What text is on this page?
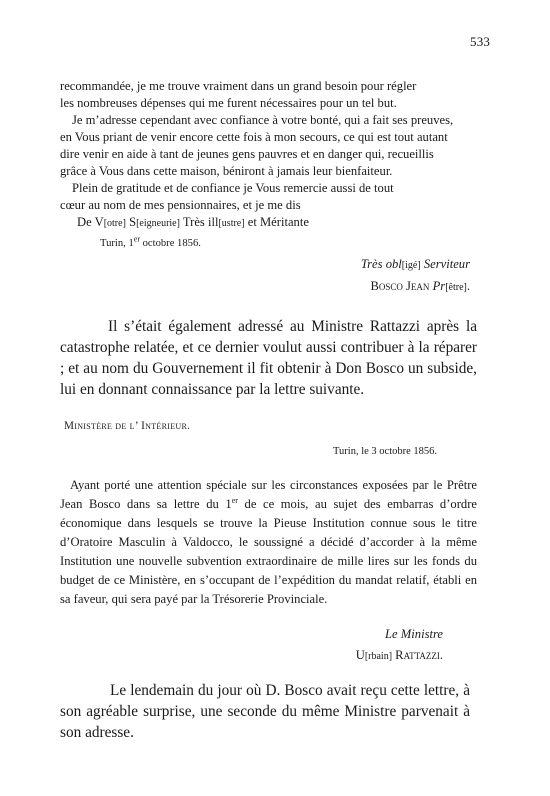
533

recommandée, je me trouve vraiment dans un grand besoin pour régler

les nombreuses dépenses qui me furent nécessaires pour un tel but.

Je m’adresse cependant avec confiance à votre bonté, qui a fait ses preuves,

en Vous priant de venir encore cette fois à mon secours, ce qui est tout autant

dire venir en aide à tant de jeunes gens pauvres et en danger qui, recueillis

grâce à Vous dans cette maison, béniront à jamais leur bienfaiteur.

Plein de gratitude et de confiance je Vous remercie aussi de tout

cœur au nom de mes pensionnaires, et je me dis

De V[otre] S[eigneurie] Très ill[ustre] et Méritante

Turin, 1er octobre 1856.

Très obl[igé] Serviteur
Bosco Jean Pr[être].

Il s’était également adressé au Ministre Rattazzi après la catastrophe relatée, et ce dernier voulut aussi contribuer à la réparer ; et au nom du Gouvernement il fit obtenir à Don Bosco un subside, lui en donnant connaissance par la lettre suivante.

Ministère de l’ Intérieur.
Turin, le 3 octobre 1856.

Ayant porté une attention spéciale sur les circonstances exposées par le Prêtre Jean Bosco dans sa lettre du 1er de ce mois, au sujet des embarras d’ordre économique dans lesquels se trouve la Pieuse Institution connue sous le titre d’Oratoire Masculin à Valdocco, le soussigné a décidé d’accorder à la même Institution une nouvelle subvention extraordinaire de mille lires sur les fonds du budget de ce Ministère, en s’occupant de l’expédition du mandat relatif, établi en sa faveur, qui sera payé par la Trésorerie Provinciale.

Le Ministre
U[rbain] Rattazzi.

Le lendemain du jour où D. Bosco avait reçu cette lettre, à son agréable surprise, une seconde du même Ministre parvenait à son adresse.
